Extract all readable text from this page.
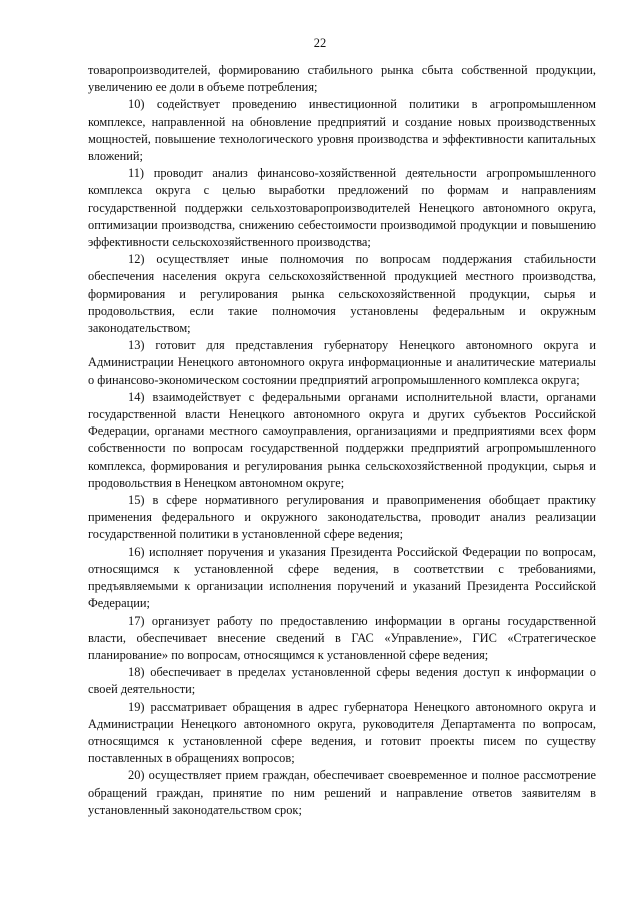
22

товаропроизводителей, формированию стабильного рынка сбыта собственной продукции, увеличению ее доли в объеме потребления;

10) содействует проведению инвестиционной политики в агропромышленном комплексе, направленной на обновление предприятий и создание новых производственных мощностей, повышение технологического уровня производства и эффективности капитальных вложений;

11) проводит анализ финансово-хозяйственной деятельности агропромышленного комплекса округа с целью выработки предложений по формам и направлениям государственной поддержки сельхозтоваропроизводителей Ненецкого автономного округа, оптимизации производства, снижению себестоимости производимой продукции и повышению эффективности сельскохозяйственного производства;

12) осуществляет иные полномочия по вопросам поддержания стабильности обеспечения населения округа сельскохозяйственной продукцией местного производства, формирования и регулирования рынка сельскохозяйственной продукции, сырья и продовольствия, если такие полномочия установлены федеральным и окружным законодательством;

13) готовит для представления губернатору Ненецкого автономного округа и Администрации Ненецкого автономного округа информационные и аналитические материалы о финансово-экономическом состоянии предприятий агропромышленного комплекса округа;

14) взаимодействует с федеральными органами исполнительной власти, органами государственной власти Ненецкого автономного округа и других субъектов Российской Федерации, органами местного самоуправления, организациями и предприятиями всех форм собственности по вопросам государственной поддержки предприятий агропромышленного комплекса, формирования и регулирования рынка сельскохозяйственной продукции, сырья и продовольствия в Ненецком автономном округе;

15) в сфере нормативного регулирования и правоприменения обобщает практику применения федерального и окружного законодательства, проводит анализ реализации государственной политики в установленной сфере ведения;

16) исполняет поручения и указания Президента Российской Федерации по вопросам, относящимся к установленной сфере ведения, в соответствии с требованиями, предъявляемыми к организации исполнения поручений и указаний Президента Российской Федерации;

17) организует работу по предоставлению информации в органы государственной власти, обеспечивает внесение сведений в ГАС «Управление», ГИС «Стратегическое планирование» по вопросам, относящимся к установленной сфере ведения;

18) обеспечивает в пределах установленной сферы ведения доступ к информации о своей деятельности;

19) рассматривает обращения в адрес губернатора Ненецкого автономного округа и Администрации Ненецкого автономного округа, руководителя Департамента по вопросам, относящимся к установленной сфере ведения, и готовит проекты писем по существу поставленных в обращениях вопросов;

20) осуществляет прием граждан, обеспечивает своевременное и полное рассмотрение обращений граждан, принятие по ним решений и направление ответов заявителям в установленный законодательством срок;
